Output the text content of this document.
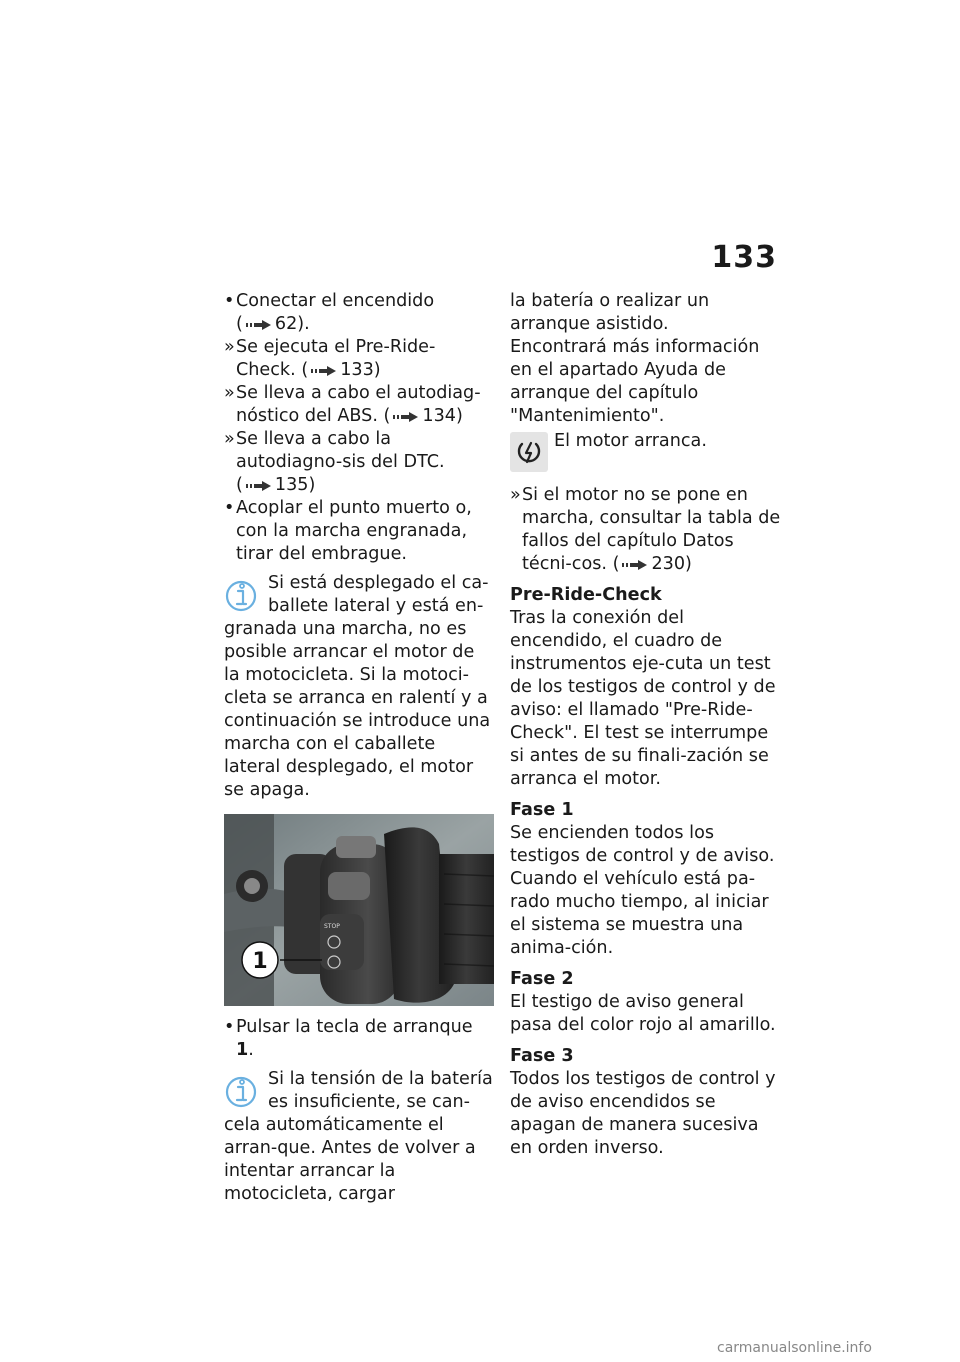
133
• Conectar el encendido ( 62).
» Se ejecuta el Pre-Ride-Check. ( 133)
» Se lleva a cabo el autodiag-nóstico del ABS. ( 134)
» Se lleva a cabo la autodiagno-sis del DTC. ( 135)
• Acoplar el punto muerto o, con la marcha engranada, tirar del embrague.

Si está desplegado el ca-ballete lateral y está en-

granada una marcha, no es posible arrancar el motor de la motocicleta. Si la motoci-cleta se arranca en ralentí y a continuación se introduce una marcha con el caballete lateral desplegado, el motor se apaga.

STOP
1
• Pulsar la tecla de arranque 1.

Si la tensión de la batería es insuficiente, se can-

cela automáticamente el arran-que. Antes de volver a intentar arrancar la motocicleta, cargar

la batería o realizar un arranque asistido.

Encontrará más información en el apartado Ayuda de arranque del capítulo "Mantenimiento".

El motor arranca.
» Si el motor no se pone en marcha, consultar la tabla de fallos del capítulo Datos técni-cos. ( 230)

Pre-Ride-Check

Tras la conexión del encendido, el cuadro de instrumentos eje-cuta un test de los testigos de control y de aviso: el llamado "Pre-Ride-Check". El test se interrumpe si antes de su finali-zación se arranca el motor.

Fase 1

Se encienden todos los testigos de control y de aviso.

Cuando el vehículo está pa-rado mucho tiempo, al iniciar el sistema se muestra una anima-ción.

Fase 2

El testigo de aviso general pasa del color rojo al amarillo.

Fase 3

Todos los testigos de control y de aviso encendidos se apagan de manera sucesiva en orden inverso.

carmanualsonline.info
